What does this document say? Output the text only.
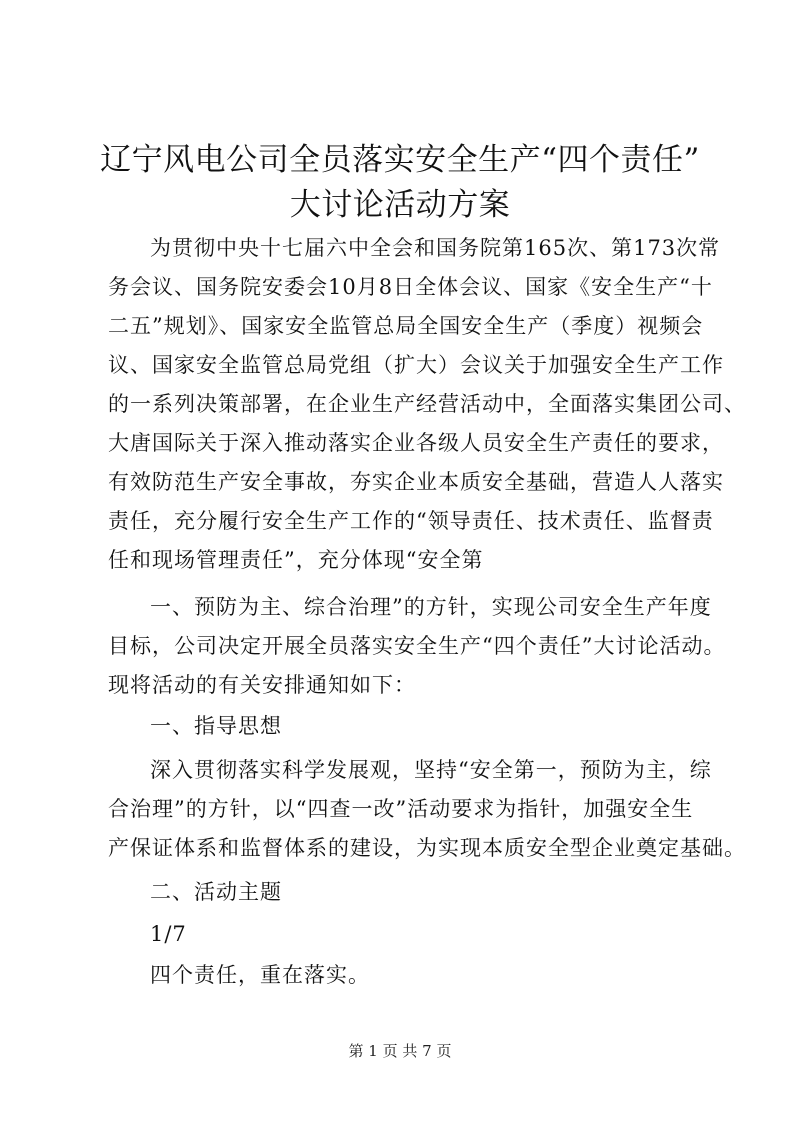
辽宁风电公司全员落实安全生产“四个责任”
大讨论活动方案
为贯彻中央十七届六中全会和国务院第165次、第173次常
务会议、国务院安委会10月8日全体会议、国家《安全生产“十
二五”规划》、国家安全监管总局全国安全生产（季度）视频会
议、国家安全监管总局党组（扩大）会议关于加强安全生产工作
的一系列决策部署，在企业生产经营活动中，全面落实集团公司、
大唐国际关于深入推动落实企业各级人员安全生产责任的要求，
有效防范生产安全事故，夯实企业本质安全基础，营造人人落实
责任，充分履行安全生产工作的“领导责任、技术责任、监督责
任和现场管理责任”，充分体现“安全第
一、预防为主、综合治理”的方针，实现公司安全生产年度
目标，公司决定开展全员落实安全生产“四个责任”大讨论活动。
现将活动的有关安排通知如下：
一、指导思想
深入贯彻落实科学发展观，坚持“安全第一，预防为主，综
合治理”的方针，以“四查一改”活动要求为指针，加强安全生
产保证体系和监督体系的建设，为实现本质安全型企业奠定基础。
二、活动主题
1/7
四个责任，重在落实。
第 1 页 共 7 页
